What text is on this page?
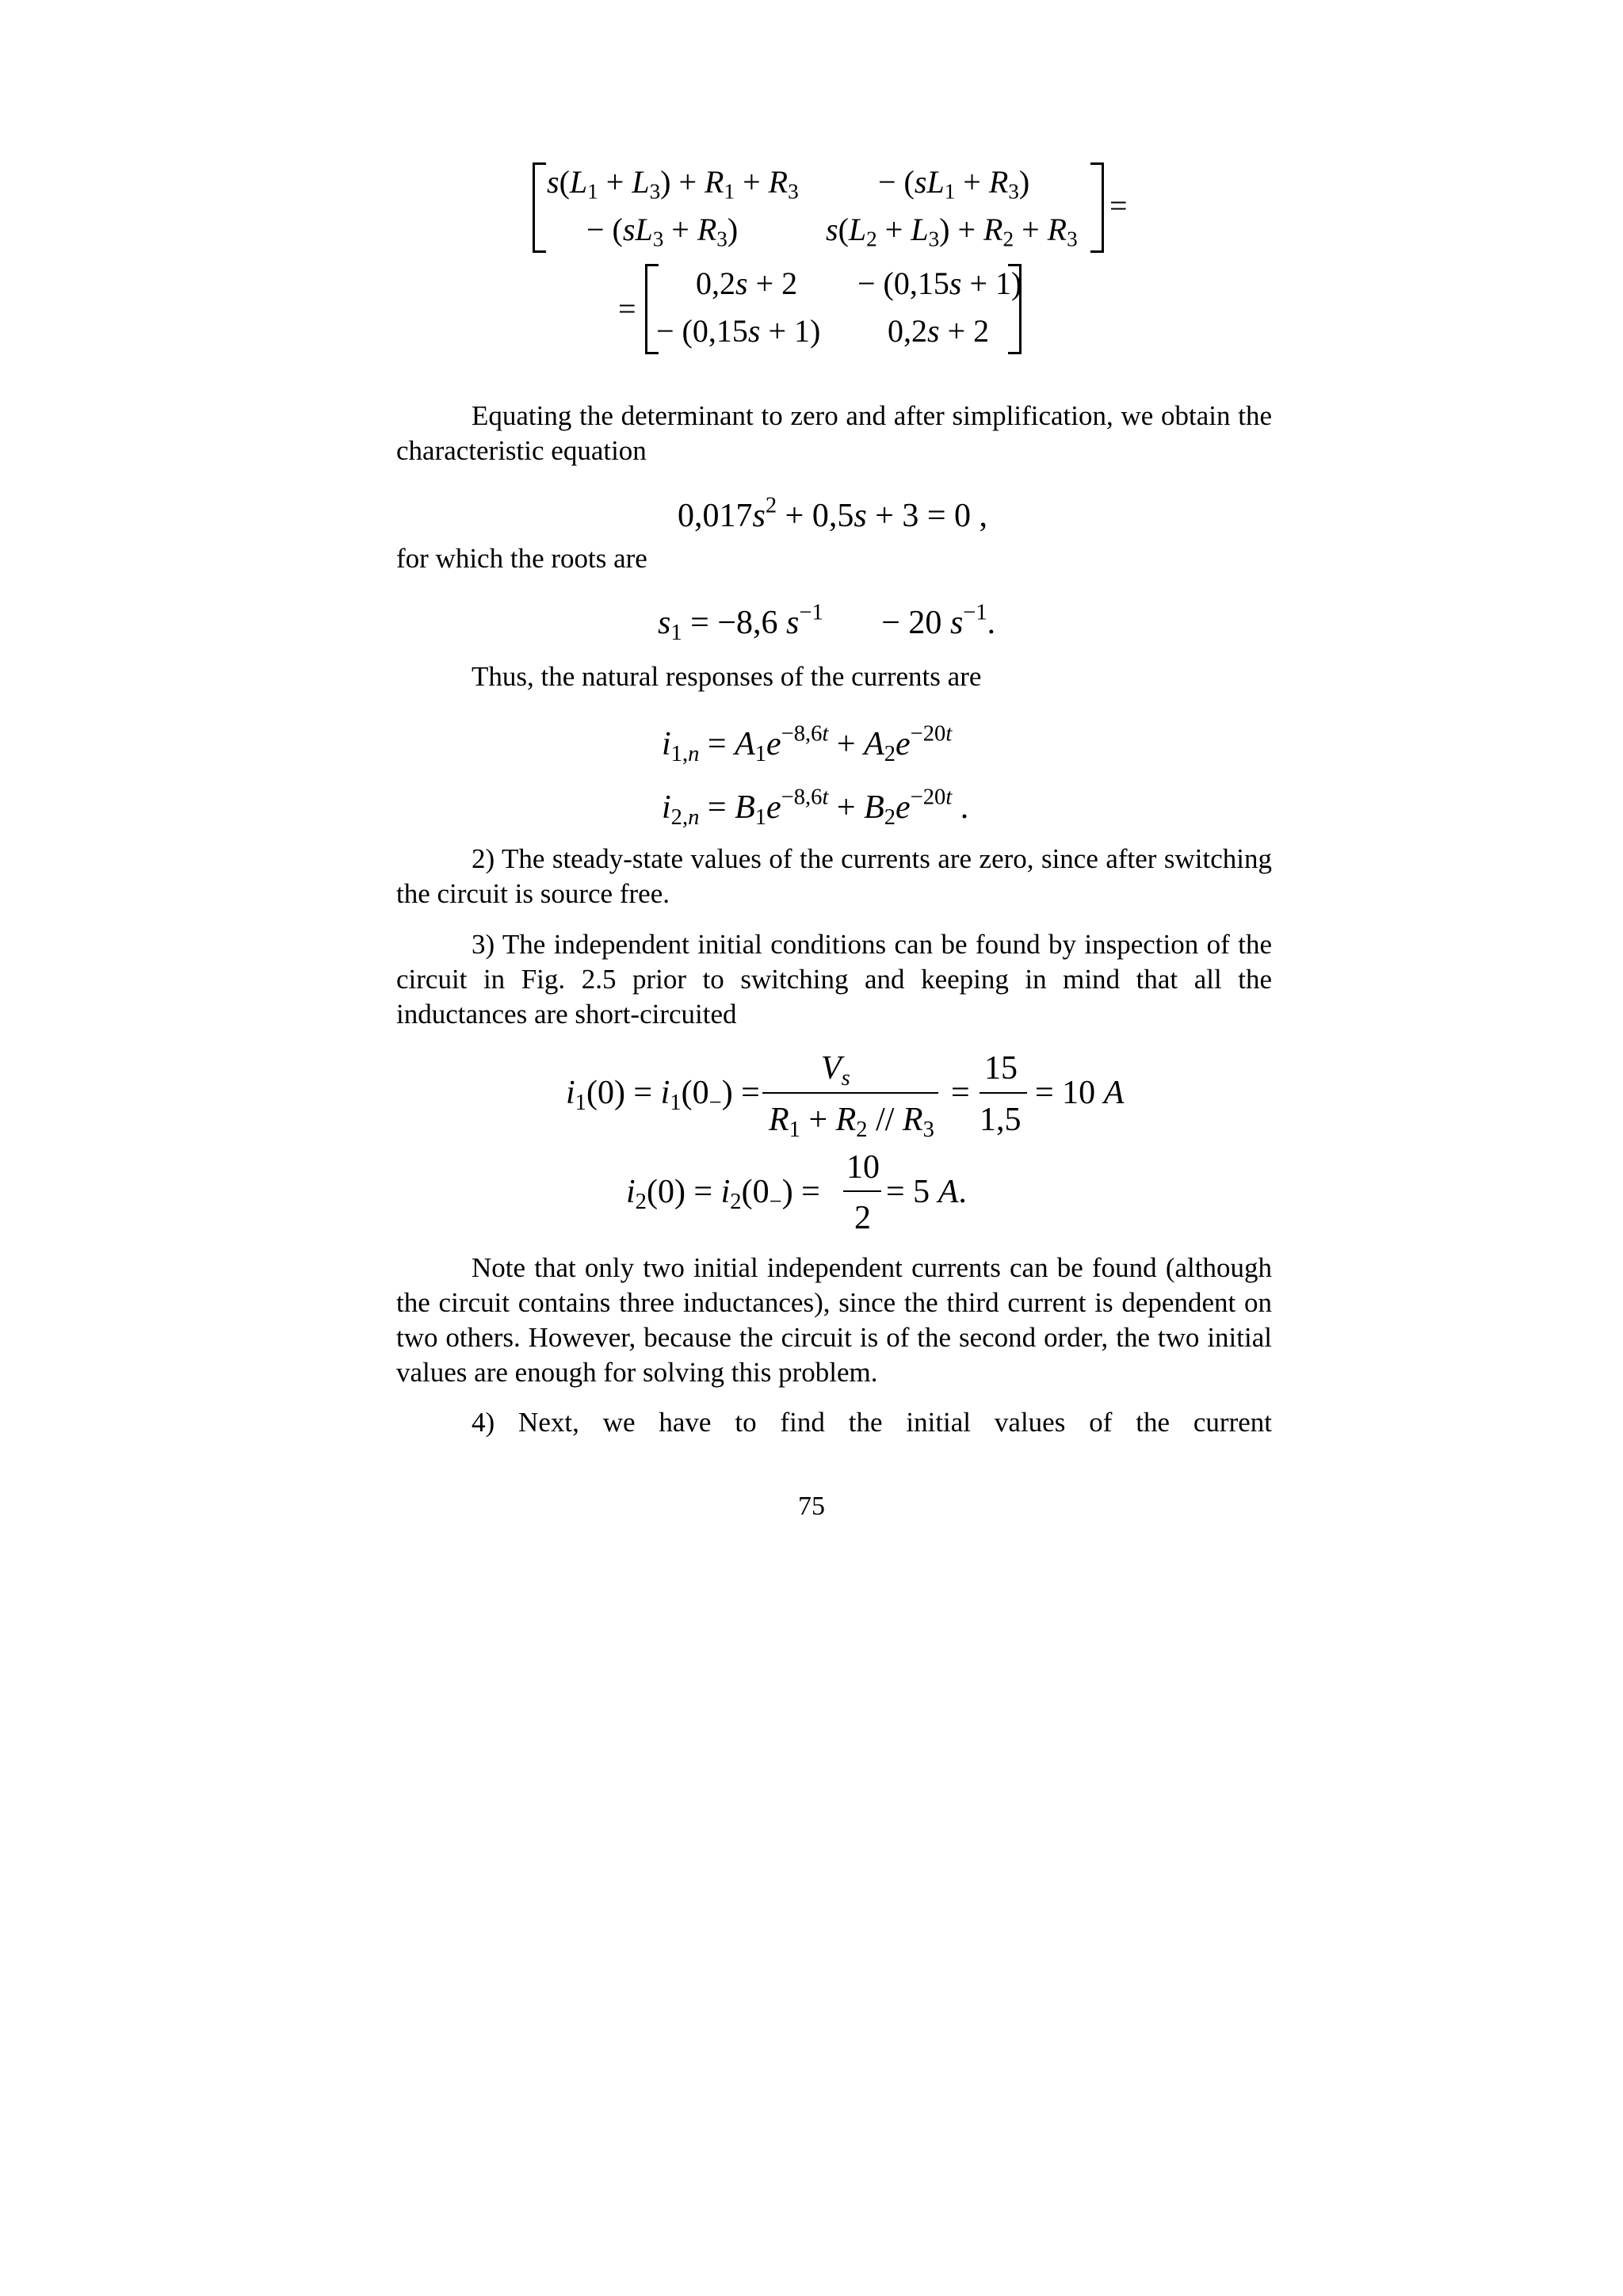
$s(L_1 + L_3) + R_1 + R_3$	− $(sL_1 + R_3)$
− $(sL_3 + R_3)$	$s(L_2 + L_3) + R_2 + R_3$
=
=
0,2s + 2 − (0,15s + 1)
− (0,15s + 1) 0,2s + 2
Equating the determinant to zero and after simplification, we obtain the characteristic equation
$0,017s^2 + 0,5s + 3 = 0$ ,
for which the roots are
$s_1 = -8,6$ $s^{-1}$       − 20 $s^{-1}$.
Thus, the natural responses of the currents are
$i_{1,n} = A_1e^{-8,6t} + A_2e^{-20t}$
$i_{2,n} = B_1e^{-8,6t} + B_2e^{-20t}$ .
2) The steady-state values of the currents are zero, since after switching the circuit is source free.
3) The independent initial conditions can be found by inspection of the circuit in Fig. 2.5 prior to switching and keeping in mind that all the inductances are short-circuited
$i_1(0) = i_1(0_-)$ =
$V_s$
$R_1 + R_2 // R_3$
=
15
1,5
= 10 A
$i_2(0) = i_2(0_-)$ =
10
2
= 5 A.
Note that only two initial independent currents can be found (although the circuit contains three inductances), since the third current is dependent on two others. However, because the circuit is of the second order, the two initial values are enough for solving this problem.
4) Next, we have to find the initial values of the current
75
